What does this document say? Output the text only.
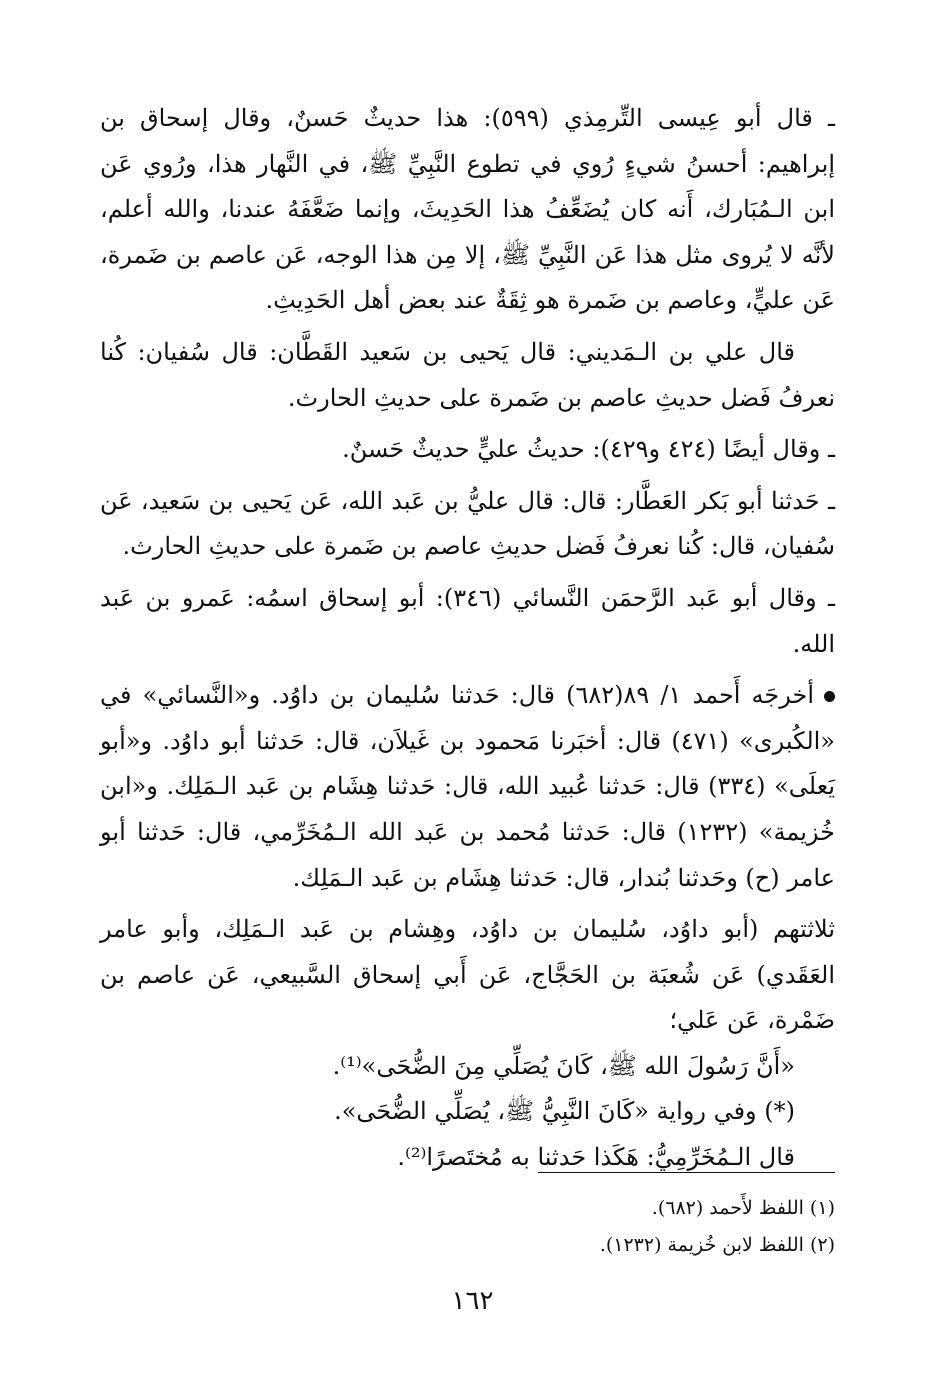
ـ قال أبو عِيسى التِّرمِذي (٥٩٩): هذا حديثٌ حَسنٌ، وقال إسحاق بن إبراهيم: أحسنُ شيءٍ رُوي في تطوع النَّبِيِّ ﷺ، في النَّهار هذا، ورُوي عَن ابن الـمُبَارك، أَنه كان يُضَعِّفُ هذا الحَدِيثَ، وإنما ضَعَّفَهُ عندنا، والله أعلم، لأنَّه لا يُروى مثل هذا عَن النَّبِيِّ ﷺ، إلا مِن هذا الوجه، عَن عاصم بن ضَمرة، عَن عليٍّ، وعاصم بن ضَمرة هو ثِقَةٌ عند بعض أهل الحَدِيثِ.

قال علي بن الـمَديني: قال يَحيى بن سَعيد القَطَّان: قال سُفيان: كُنا نعرفُ فَضل حديثِ عاصم بن ضَمرة على حديثِ الحارث.

ـ وقال أيضًا (٤٢٤ و٤٢٩): حديثُ عليٍّ حديثٌ حَسنٌ.

ـ حَدثنا أبو بَكر العَطَّار: قال: قال عليُّ بن عَبد الله، عَن يَحيى بن سَعيد، عَن سُفيان، قال: كُنا نعرفُ فَضل حديثِ عاصم بن ضَمرة على حديثِ الحارث.

ـ وقال أبو عَبد الرَّحمَن النَّسائي (٣٤٦): أبو إسحاق اسمُه: عَمرو بن عَبد الله.

أخرجَه أَحمد ١/ ٨٩(٦٨٢) قال: حَدثنا سُليمان بن داوُد. و«النَّسائي» في «الكُبرى» (٤٧١) قال: أخبَرنا مَحمود بن غَيلاَن، قال: حَدثنا أبو داوُد. و«أبو يَعلَى» (٣٣٤) قال: حَدثنا عُبيد الله، قال: حَدثنا هِشَام بن عَبد الـمَلِك. و«ابن خُزيمة» (١٢٣٢) قال: حَدثنا مُحمد بن عَبد الله الـمُخَرِّمي، قال: حَدثنا أبو عامر (ح) وحَدثنا بُندار، قال: حَدثنا هِشَام بن عَبد الـمَلِك.

ثلاثتهم (أبو داوُد، سُليمان بن داوُد، وهِشام بن عَبد الـمَلِك، وأبو عامر العَقَدي) عَن شُعبَة بن الحَجَّاج، عَن أَبي إسحاق السَّبيعي، عَن عاصم بن ضَمْرة، عَن عَلي؛

«أَنَّ رَسُولَ الله ﷺ، كَانَ يُصَلِّي مِنَ الضُّحَى»⁽¹⁾.

(*) وفي رواية «كَانَ النَّبِيُّ ﷺ، يُصَلِّي الضُّحَى».

قال الـمُخَرِّمِيُّ: هَكَذا حَدثنا به مُختَصرًا⁽²⁾.

(١) اللفظ لأَحمد (٦٨٢).

(٢) اللفظ لابن خُزيمة (١٢٣٢).

١٦٢
